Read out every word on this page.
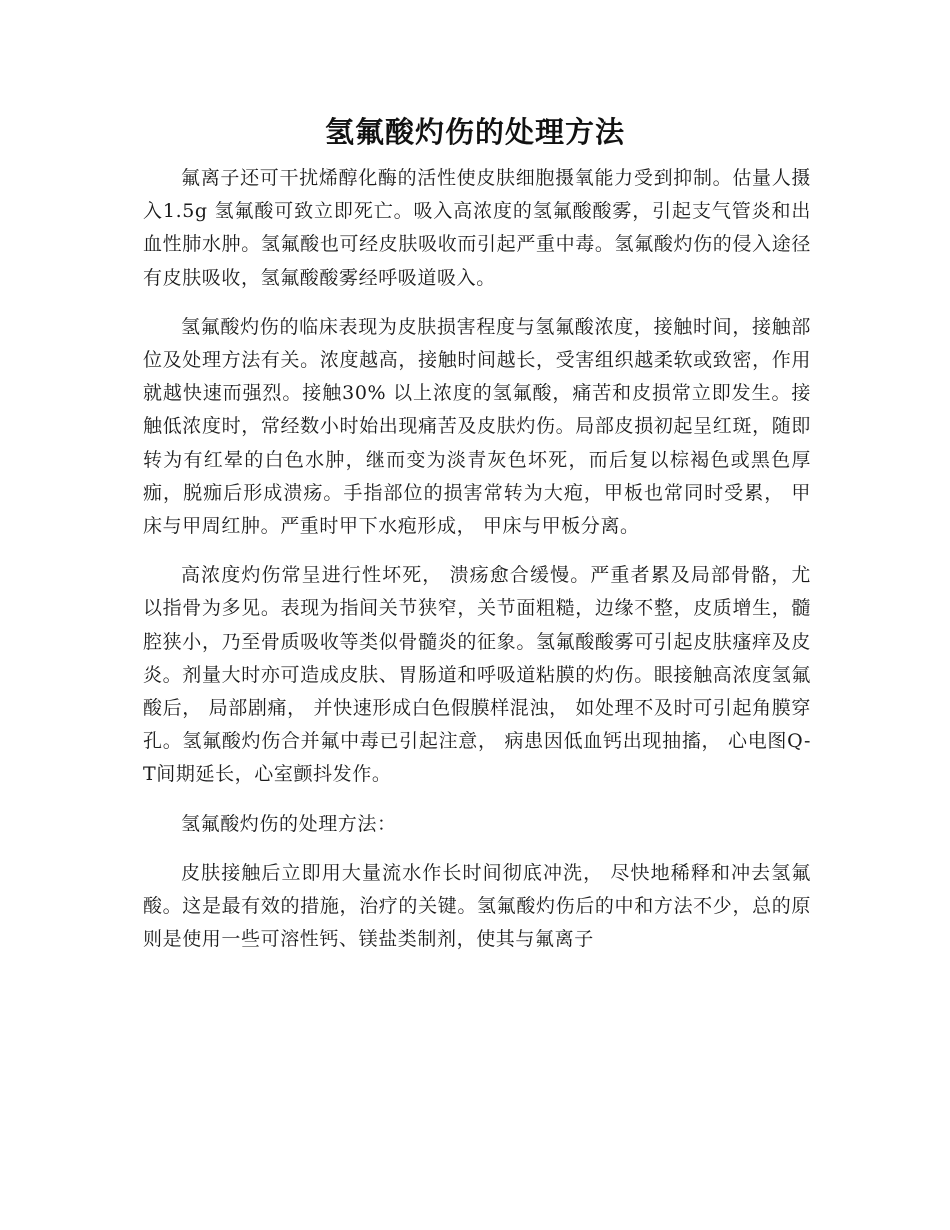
氢氟酸灼伤的处理方法

氟离子还可干扰烯醇化酶的活性使皮肤细胞摄氧能力受到抑制。估量人摄入1.5g 氢氟酸可致立即死亡。吸入高浓度的氢氟酸酸雾，引起支气管炎和出血性肺水肿。氢氟酸也可经皮肤吸收而引起严重中毒。氢氟酸灼伤的侵入途径有皮肤吸收，氢氟酸酸雾经呼吸道吸入。

氢氟酸灼伤的临床表现为皮肤损害程度与氢氟酸浓度，接触时间，接触部位及处理方法有关。浓度越高，接触时间越长，受害组织越柔软或致密，作用就越快速而强烈。接触30% 以上浓度的氢氟酸，痛苦和皮损常立即发生。接触低浓度时，常经数小时始出现痛苦及皮肤灼伤。局部皮损初起呈红斑，随即转为有红晕的白色水肿，继而变为淡青灰色坏死，而后复以棕褐色或黑色厚痂，脱痂后形成溃疡。手指部位的损害常转为大疱，甲板也常同时受累， 甲床与甲周红肿。严重时甲下水疱形成， 甲床与甲板分离。

高浓度灼伤常呈进行性坏死， 溃疡愈合缓慢。严重者累及局部骨骼，尤以指骨为多见。表现为指间关节狭窄，关节面粗糙，边缘不整，皮质增生，髓腔狭小，乃至骨质吸收等类似骨髓炎的征象。氢氟酸酸雾可引起皮肤瘙痒及皮炎。剂量大时亦可造成皮肤、胃肠道和呼吸道粘膜的灼伤。眼接触高浓度氢氟酸后， 局部剧痛， 并快速形成白色假膜样混浊， 如处理不及时可引起角膜穿孔。氢氟酸灼伤合并氟中毒已引起注意， 病患因低血钙出现抽搐， 心电图Q-T间期延长，心室颤抖发作。

氢氟酸灼伤的处理方法：

皮肤接触后立即用大量流水作长时间彻底冲洗， 尽快地稀释和冲去氢氟酸。这是最有效的措施，治疗的关键。氢氟酸灼伤后的中和方法不少，总的原则是使用一些可溶性钙、镁盐类制剂，使其与氟离子
